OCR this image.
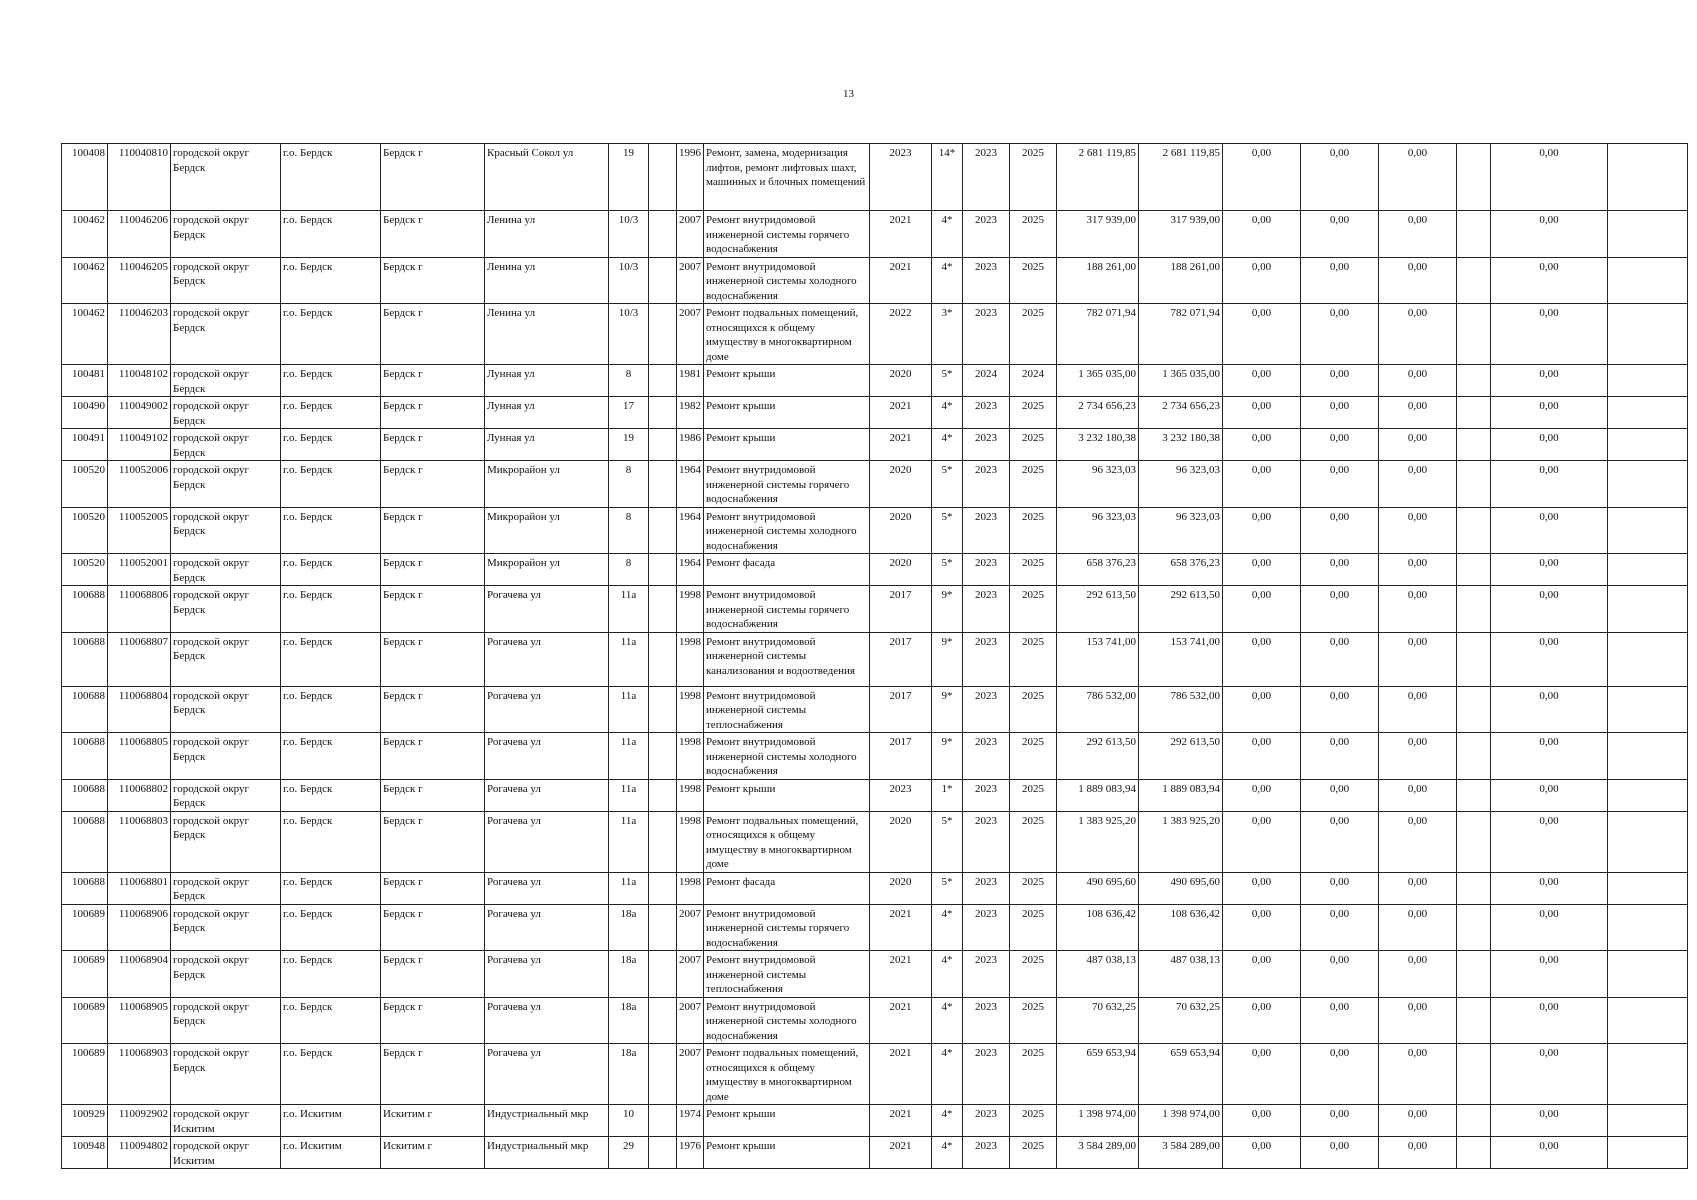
13
100408	110040810	городской округ Бердск	г.о. Бердск	Бердск г	Красный Сокол ул	19		1996	Ремонт, замена, модернизация лифтов, ремонт лифтовых шахт, машинных и блочных помещений	2023	14*	2023	2025	2 681 119,85	2 681 119,85	0,00	0,00	0,00		0,00	
100462	110046206	городской округ Бердск	г.о. Бердск	Бердск г	Ленина ул	10/3		2007	Ремонт внутридомовой инженерной системы горячего водоснабжения	2021	4*	2023	2025	317 939,00	317 939,00	0,00	0,00	0,00		0,00	
100462	110046205	городской округ Бердск	г.о. Бердск	Бердск г	Ленина ул	10/3		2007	Ремонт внутридомовой инженерной системы холодного водоснабжения	2021	4*	2023	2025	188 261,00	188 261,00	0,00	0,00	0,00		0,00	
100462	110046203	городской округ Бердск	г.о. Бердск	Бердск г	Ленина ул	10/3		2007	Ремонт подвальных помещений, относящихся к общему имуществу в многоквартирном доме	2022	3*	2023	2025	782 071,94	782 071,94	0,00	0,00	0,00		0,00	
100481	110048102	городской округ Бердск	г.о. Бердск	Бердск г	Лунная ул	8		1981	Ремонт крыши	2020	5*	2024	2024	1 365 035,00	1 365 035,00	0,00	0,00	0,00		0,00	
100490	110049002	городской округ Бердск	г.о. Бердск	Бердск г	Лунная ул	17		1982	Ремонт крыши	2021	4*	2023	2025	2 734 656,23	2 734 656,23	0,00	0,00	0,00		0,00	
100491	110049102	городской округ Бердск	г.о. Бердск	Бердск г	Лунная ул	19		1986	Ремонт крыши	2021	4*	2023	2025	3 232 180,38	3 232 180,38	0,00	0,00	0,00		0,00	
100520	110052006	городской округ Бердск	г.о. Бердск	Бердск г	Микрорайон ул	8		1964	Ремонт внутридомовой инженерной системы горячего водоснабжения	2020	5*	2023	2025	96 323,03	96 323,03	0,00	0,00	0,00		0,00	
100520	110052005	городской округ Бердск	г.о. Бердск	Бердск г	Микрорайон ул	8		1964	Ремонт внутридомовой инженерной системы холодного водоснабжения	2020	5*	2023	2025	96 323,03	96 323,03	0,00	0,00	0,00		0,00	
100520	110052001	городской округ Бердск	г.о. Бердск	Бердск г	Микрорайон ул	8		1964	Ремонт фасада	2020	5*	2023	2025	658 376,23	658 376,23	0,00	0,00	0,00		0,00	
100688	110068806	городской округ Бердск	г.о. Бердск	Бердск г	Рогачева ул	11а		1998	Ремонт внутридомовой инженерной системы горячего водоснабжения	2017	9*	2023	2025	292 613,50	292 613,50	0,00	0,00	0,00		0,00	
100688	110068807	городской округ Бердск	г.о. Бердск	Бердск г	Рогачева ул	11а		1998	Ремонт внутридомовой инженерной системы канализования и водоотведения	2017	9*	2023	2025	153 741,00	153 741,00	0,00	0,00	0,00		0,00	
100688	110068804	городской округ Бердск	г.о. Бердск	Бердск г	Рогачева ул	11а		1998	Ремонт внутридомовой инженерной системы теплоснабжения	2017	9*	2023	2025	786 532,00	786 532,00	0,00	0,00	0,00		0,00	
100688	110068805	городской округ Бердск	г.о. Бердск	Бердск г	Рогачева ул	11а		1998	Ремонт внутридомовой инженерной системы холодного водоснабжения	2017	9*	2023	2025	292 613,50	292 613,50	0,00	0,00	0,00		0,00	
100688	110068802	городской округ Бердск	г.о. Бердск	Бердск г	Рогачева ул	11а		1998	Ремонт крыши	2023	1*	2023	2025	1 889 083,94	1 889 083,94	0,00	0,00	0,00		0,00	
100688	110068803	городской округ Бердск	г.о. Бердск	Бердск г	Рогачева ул	11а		1998	Ремонт подвальных помещений, относящихся к общему имуществу в многоквартирном доме	2020	5*	2023	2025	1 383 925,20	1 383 925,20	0,00	0,00	0,00		0,00	
100688	110068801	городской округ Бердск	г.о. Бердск	Бердск г	Рогачева ул	11а		1998	Ремонт фасада	2020	5*	2023	2025	490 695,60	490 695,60	0,00	0,00	0,00		0,00	
100689	110068906	городской округ Бердск	г.о. Бердск	Бердск г	Рогачева ул	18а		2007	Ремонт внутридомовой инженерной системы горячего водоснабжения	2021	4*	2023	2025	108 636,42	108 636,42	0,00	0,00	0,00		0,00	
100689	110068904	городской округ Бердск	г.о. Бердск	Бердск г	Рогачева ул	18а		2007	Ремонт внутридомовой инженерной системы теплоснабжения	2021	4*	2023	2025	487 038,13	487 038,13	0,00	0,00	0,00		0,00	
100689	110068905	городской округ Бердск	г.о. Бердск	Бердск г	Рогачева ул	18а		2007	Ремонт внутридомовой инженерной системы холодного водоснабжения	2021	4*	2023	2025	70 632,25	70 632,25	0,00	0,00	0,00		0,00	
100689	110068903	городской округ Бердск	г.о. Бердск	Бердск г	Рогачева ул	18а		2007	Ремонт подвальных помещений, относящихся к общему имуществу в многоквартирном доме	2021	4*	2023	2025	659 653,94	659 653,94	0,00	0,00	0,00		0,00	
100929	110092902	городской округ Искитим	г.о. Искитим	Искитим г	Индустриальный мкр	10		1974	Ремонт крыши	2021	4*	2023	2025	1 398 974,00	1 398 974,00	0,00	0,00	0,00		0,00	
100948	110094802	городской округ Искитим	г.о. Искитим	Искитим г	Индустриальный мкр	29		1976	Ремонт крыши	2021	4*	2023	2025	3 584 289,00	3 584 289,00	0,00	0,00	0,00		0,00	
